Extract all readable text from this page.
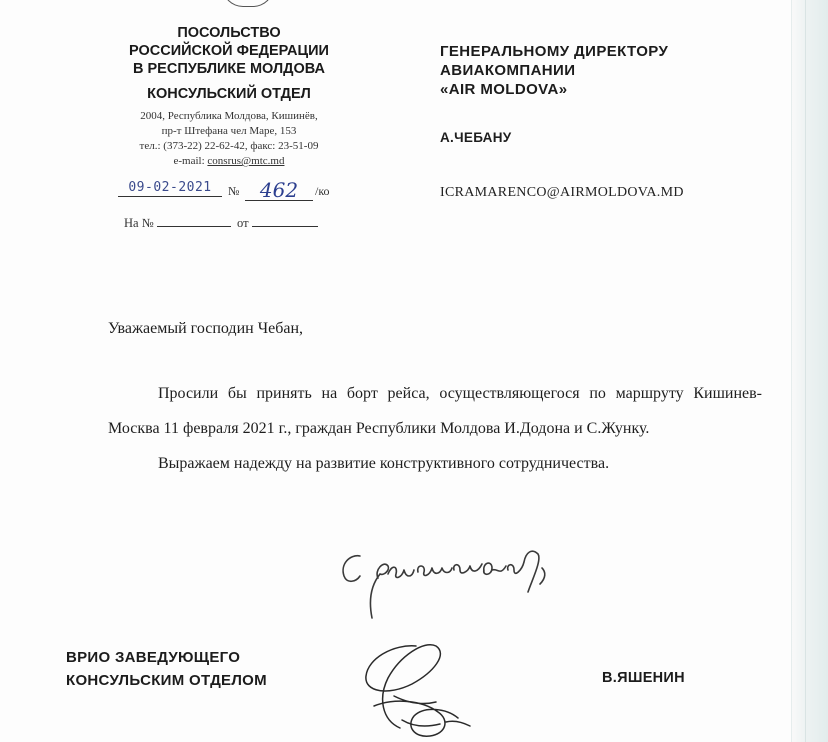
ПОСОЛЬСТВО
РОССИЙСКОЙ ФЕДЕРАЦИИ
В РЕСПУБЛИКЕ МОЛДОВА
КОНСУЛЬСКИЙ ОТДЕЛ
2004, Республика Молдова, Кишинёв,
пр-т Штефана чел Маре, 153
тел.: (373-22) 22-62-42, факс: 23-51-09
e-mail: consrus@mtc.md
09-02-2021	№	462	/ко
На №	от
ГЕНЕРАЛЬНОМУ ДИРЕКТОРУ
АВИАКОМПАНИИ
«AIR MOLDOVA»
А.ЧЕБАНУ
ICRAMARENCO@AIRMOLDOVA.MD
Уважаемый господин Чебан,

Просили бы принять на борт рейса, осуществляющегося по маршруту Кишинев-Москва 11 февраля 2021 г., граждан Республики Молдова И.Додона и С.Жунку.

Выражаем надежду на развитие конструктивного сотрудничества.

ВРИО ЗАВЕДУЮЩЕГО
КОНСУЛЬСКИМ ОТДЕЛОМ	В.ЯШЕНИН
